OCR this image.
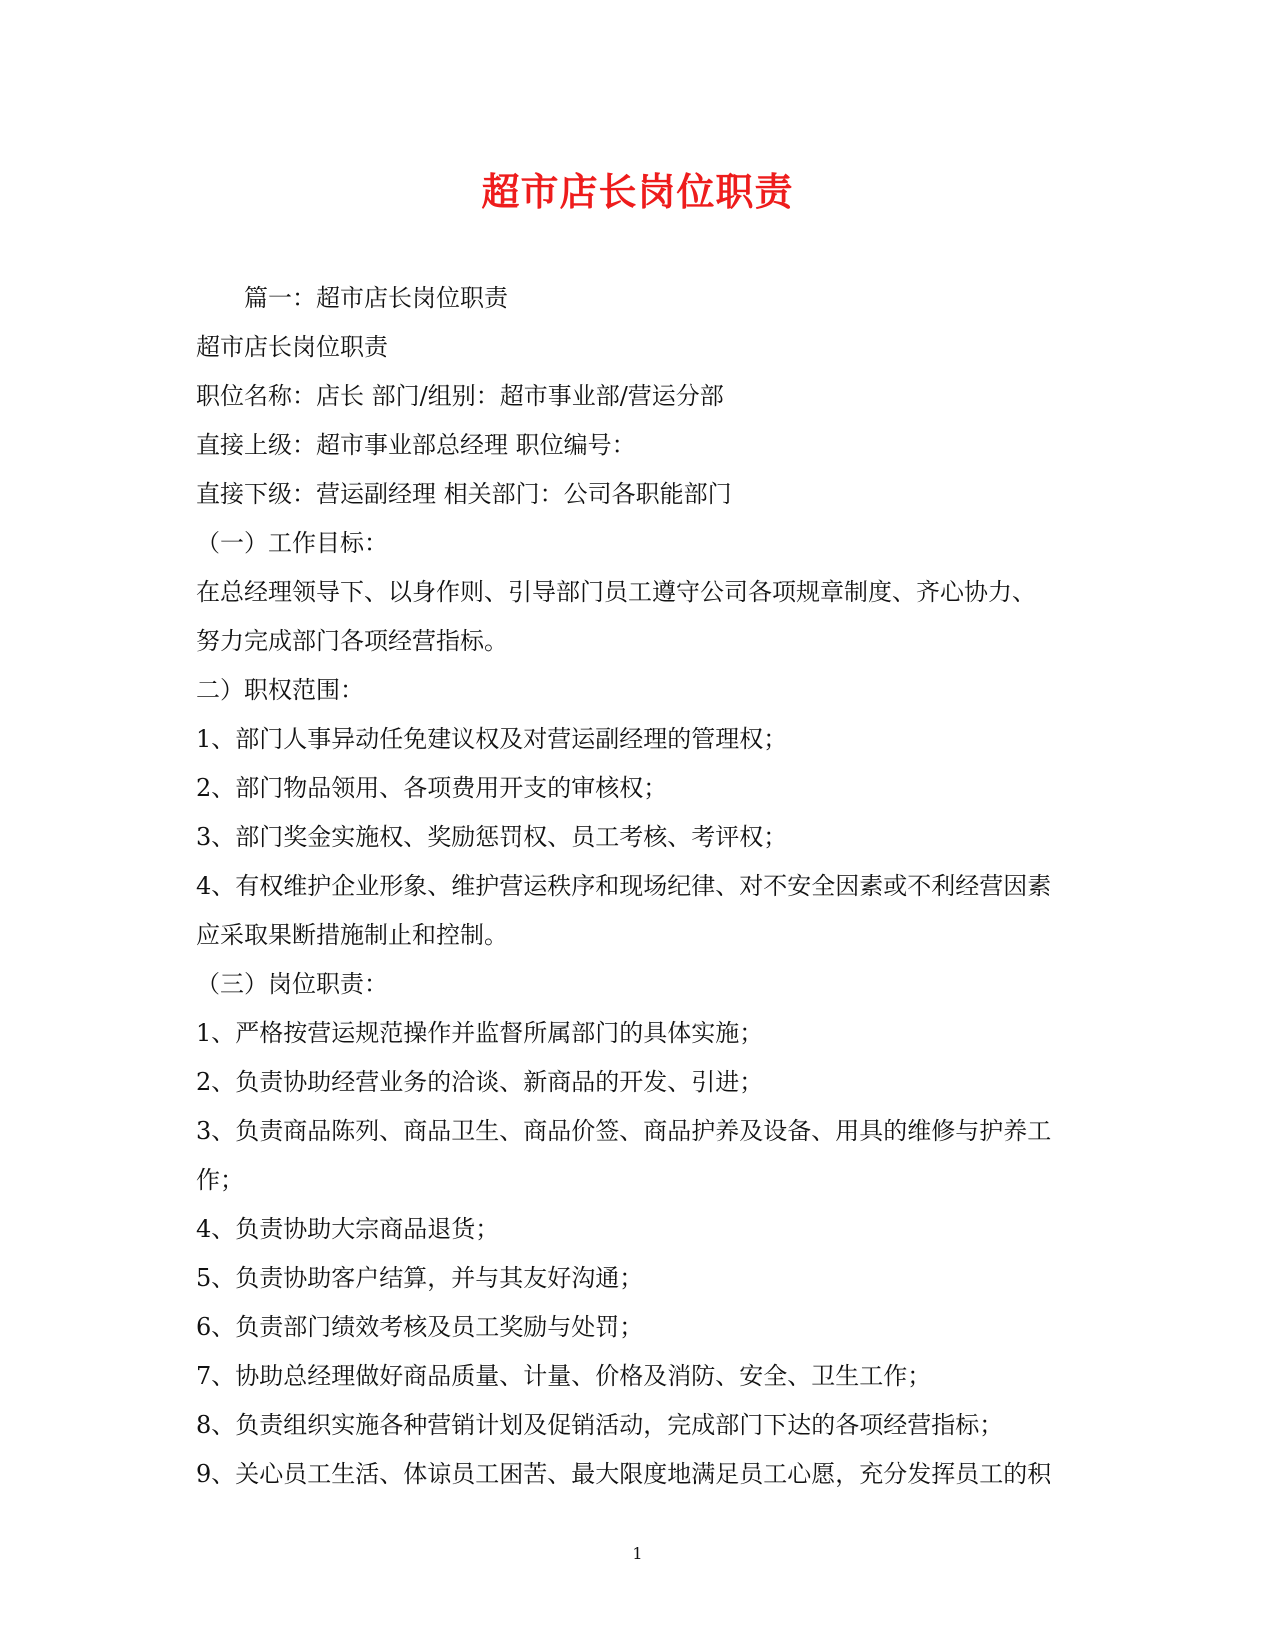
超市店长岗位职责

篇一：超市店长岗位职责

超市店长岗位职责

职位名称：店长 部门/组别：超市事业部/营运分部

直接上级：超市事业部总经理 职位编号：

直接下级：营运副经理 相关部门：公司各职能部门

（一）工作目标：

在总经理领导下、以身作则、引导部门员工遵守公司各项规章制度、齐心协力、

努力完成部门各项经营指标。

二）职权范围：

1、部门人事异动任免建议权及对营运副经理的管理权；

2、部门物品领用、各项费用开支的审核权；

3、部门奖金实施权、奖励惩罚权、员工考核、考评权；

4、有权维护企业形象、维护营运秩序和现场纪律、对不安全因素或不利经营因素

应采取果断措施制止和控制。

（三）岗位职责：

1、严格按营运规范操作并监督所属部门的具体实施；

2、负责协助经营业务的洽谈、新商品的开发、引进；

3、负责商品陈列、商品卫生、商品价签、商品护养及设备、用具的维修与护养工

作；

4、负责协助大宗商品退货；

5、负责协助客户结算，并与其友好沟通；

6、负责部门绩效考核及员工奖励与处罚；

7、协助总经理做好商品质量、计量、价格及消防、安全、卫生工作；

8、负责组织实施各种营销计划及促销活动，完成部门下达的各项经营指标；

9、关心员工生活、体谅员工困苦、最大限度地满足员工心愿，充分发挥员工的积

1
